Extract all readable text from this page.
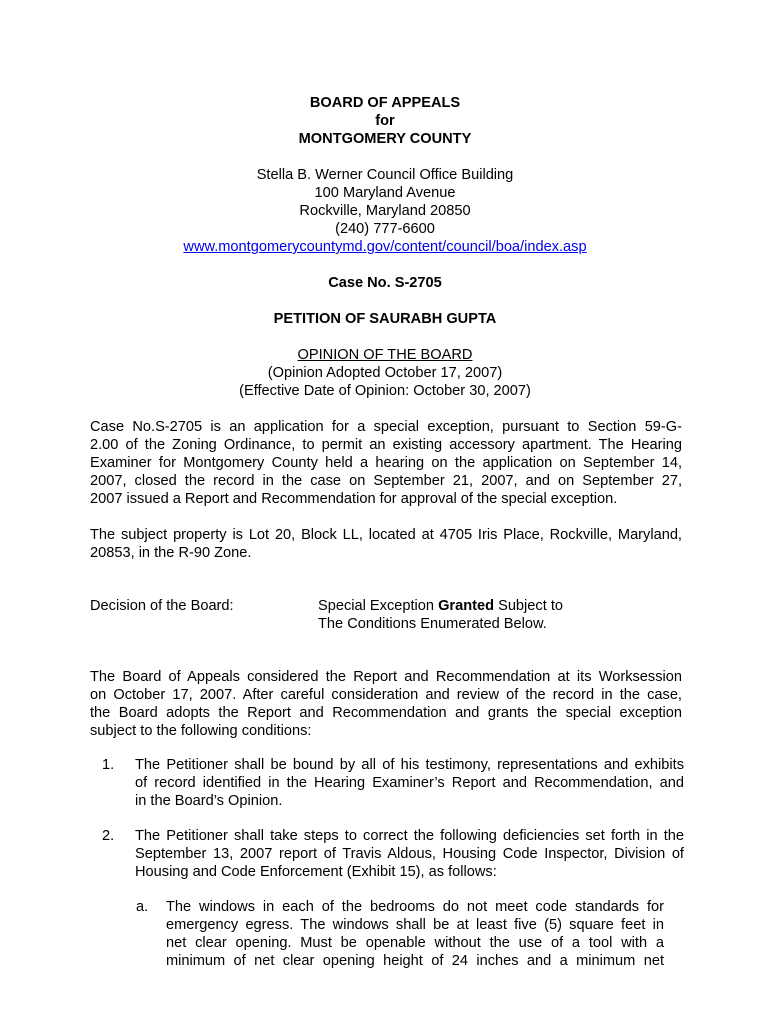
BOARD OF APPEALS
for
MONTGOMERY COUNTY
Stella B. Werner Council Office Building
100 Maryland Avenue
Rockville, Maryland 20850
(240) 777-6600
www.montgomerycountymd.gov/content/council/boa/index.asp
Case No. S-2705
PETITION OF SAURABH GUPTA
OPINION OF THE BOARD
(Opinion Adopted October 17, 2007)
(Effective Date of Opinion: October 30, 2007)
Case No.S-2705 is an application for a special exception, pursuant to Section 59-G-
2.00 of the Zoning Ordinance, to permit an existing accessory apartment. The Hearing
Examiner for Montgomery County held a hearing on the application on September 14,
2007, closed the record in the case on September 21, 2007, and on September 27,
2007 issued a Report and Recommendation for approval of the special exception.
The subject property is Lot 20, Block LL, located at 4705 Iris Place, Rockville, Maryland,
20853, in the R-90 Zone.
Decision of the Board:	Special Exception Granted Subject to
The Conditions Enumerated Below.
The Board of Appeals considered the Report and Recommendation at its Worksession
on October 17, 2007. After careful consideration and review of the record in the case,
the Board adopts the Report and Recommendation and grants the special exception
subject to the following conditions:
1. The Petitioner shall be bound by all of his testimony, representations and exhibits
of record identified in the Hearing Examiner’s Report and Recommendation, and
in the Board’s Opinion.
2. The Petitioner shall take steps to correct the following deficiencies set forth in the
September 13, 2007 report of Travis Aldous, Housing Code Inspector, Division of
Housing and Code Enforcement (Exhibit 15), as follows:
a. The windows in each of the bedrooms do not meet code standards for
emergency egress. The windows shall be at least five (5) square feet in
net clear opening. Must be openable without the use of a tool with a
minimum of net clear opening height of 24 inches and a minimum net
